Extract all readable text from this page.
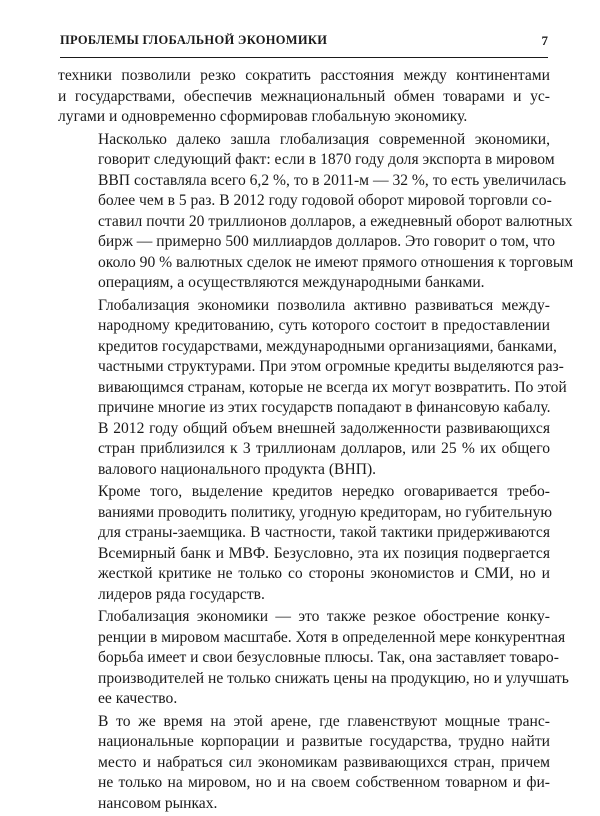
ПРОБЛЕМЫ ГЛОБАЛЬНОЙ ЭКОНОМИКИ	7

техники позволили резко сократить расстояния между континентами
и государствами, обеспечив межнациональный обмен товарами и ус-
лугами и одновременно сформировав глобальную экономику.

Насколько далеко зашла глобализация современной экономики,
говорит следующий факт: если в 1870 году доля экспорта в мировом
ВВП составляла всего 6,2 %, то в 2011-м — 32 %, то есть увеличилась
более чем в 5 раз. В 2012 году годовой оборот мировой торговли со-
ставил почти 20 триллионов долларов, а ежедневный оборот валютных
бирж — примерно 500 миллиардов долларов. Это говорит о том, что
около 90 % валютных сделок не имеют прямого отношения к торговым
операциям, а осуществляются международными банками.

Глобализация экономики позволила активно развиваться между-
народному кредитованию, суть которого состоит в предоставлении
кредитов государствами, международными организациями, банками,
частными структурами. При этом огромные кредиты выделяются раз-
вивающимся странам, которые не всегда их могут возвратить. По этой
причине многие из этих государств попадают в финансовую кабалу.
В 2012 году общий объем внешней задолженности развивающихся
стран приблизился к 3 триллионам долларов, или 25 % их общего
валового национального продукта (ВНП).

Кроме того, выделение кредитов нередко оговаривается требо-
ваниями проводить политику, угодную кредиторам, но губительную
для страны-заемщика. В частности, такой тактики придерживаются
Всемирный банк и МВФ. Безусловно, эта их позиция подвергается
жесткой критике не только со стороны экономистов и СМИ, но и
лидеров ряда государств.

Глобализация экономики — это также резкое обострение конку-
ренции в мировом масштабе. Хотя в определенной мере конкурентная
борьба имеет и свои безусловные плюсы. Так, она заставляет товаро-
производителей не только снижать цены на продукцию, но и улучшать
ее качество.

В то же время на этой арене, где главенствуют мощные транс-
национальные корпорации и развитые государства, трудно найти
место и набраться сил экономикам развивающихся стран, причем
не только на мировом, но и на своем собственном товарном и фи-
нансовом рынках.
